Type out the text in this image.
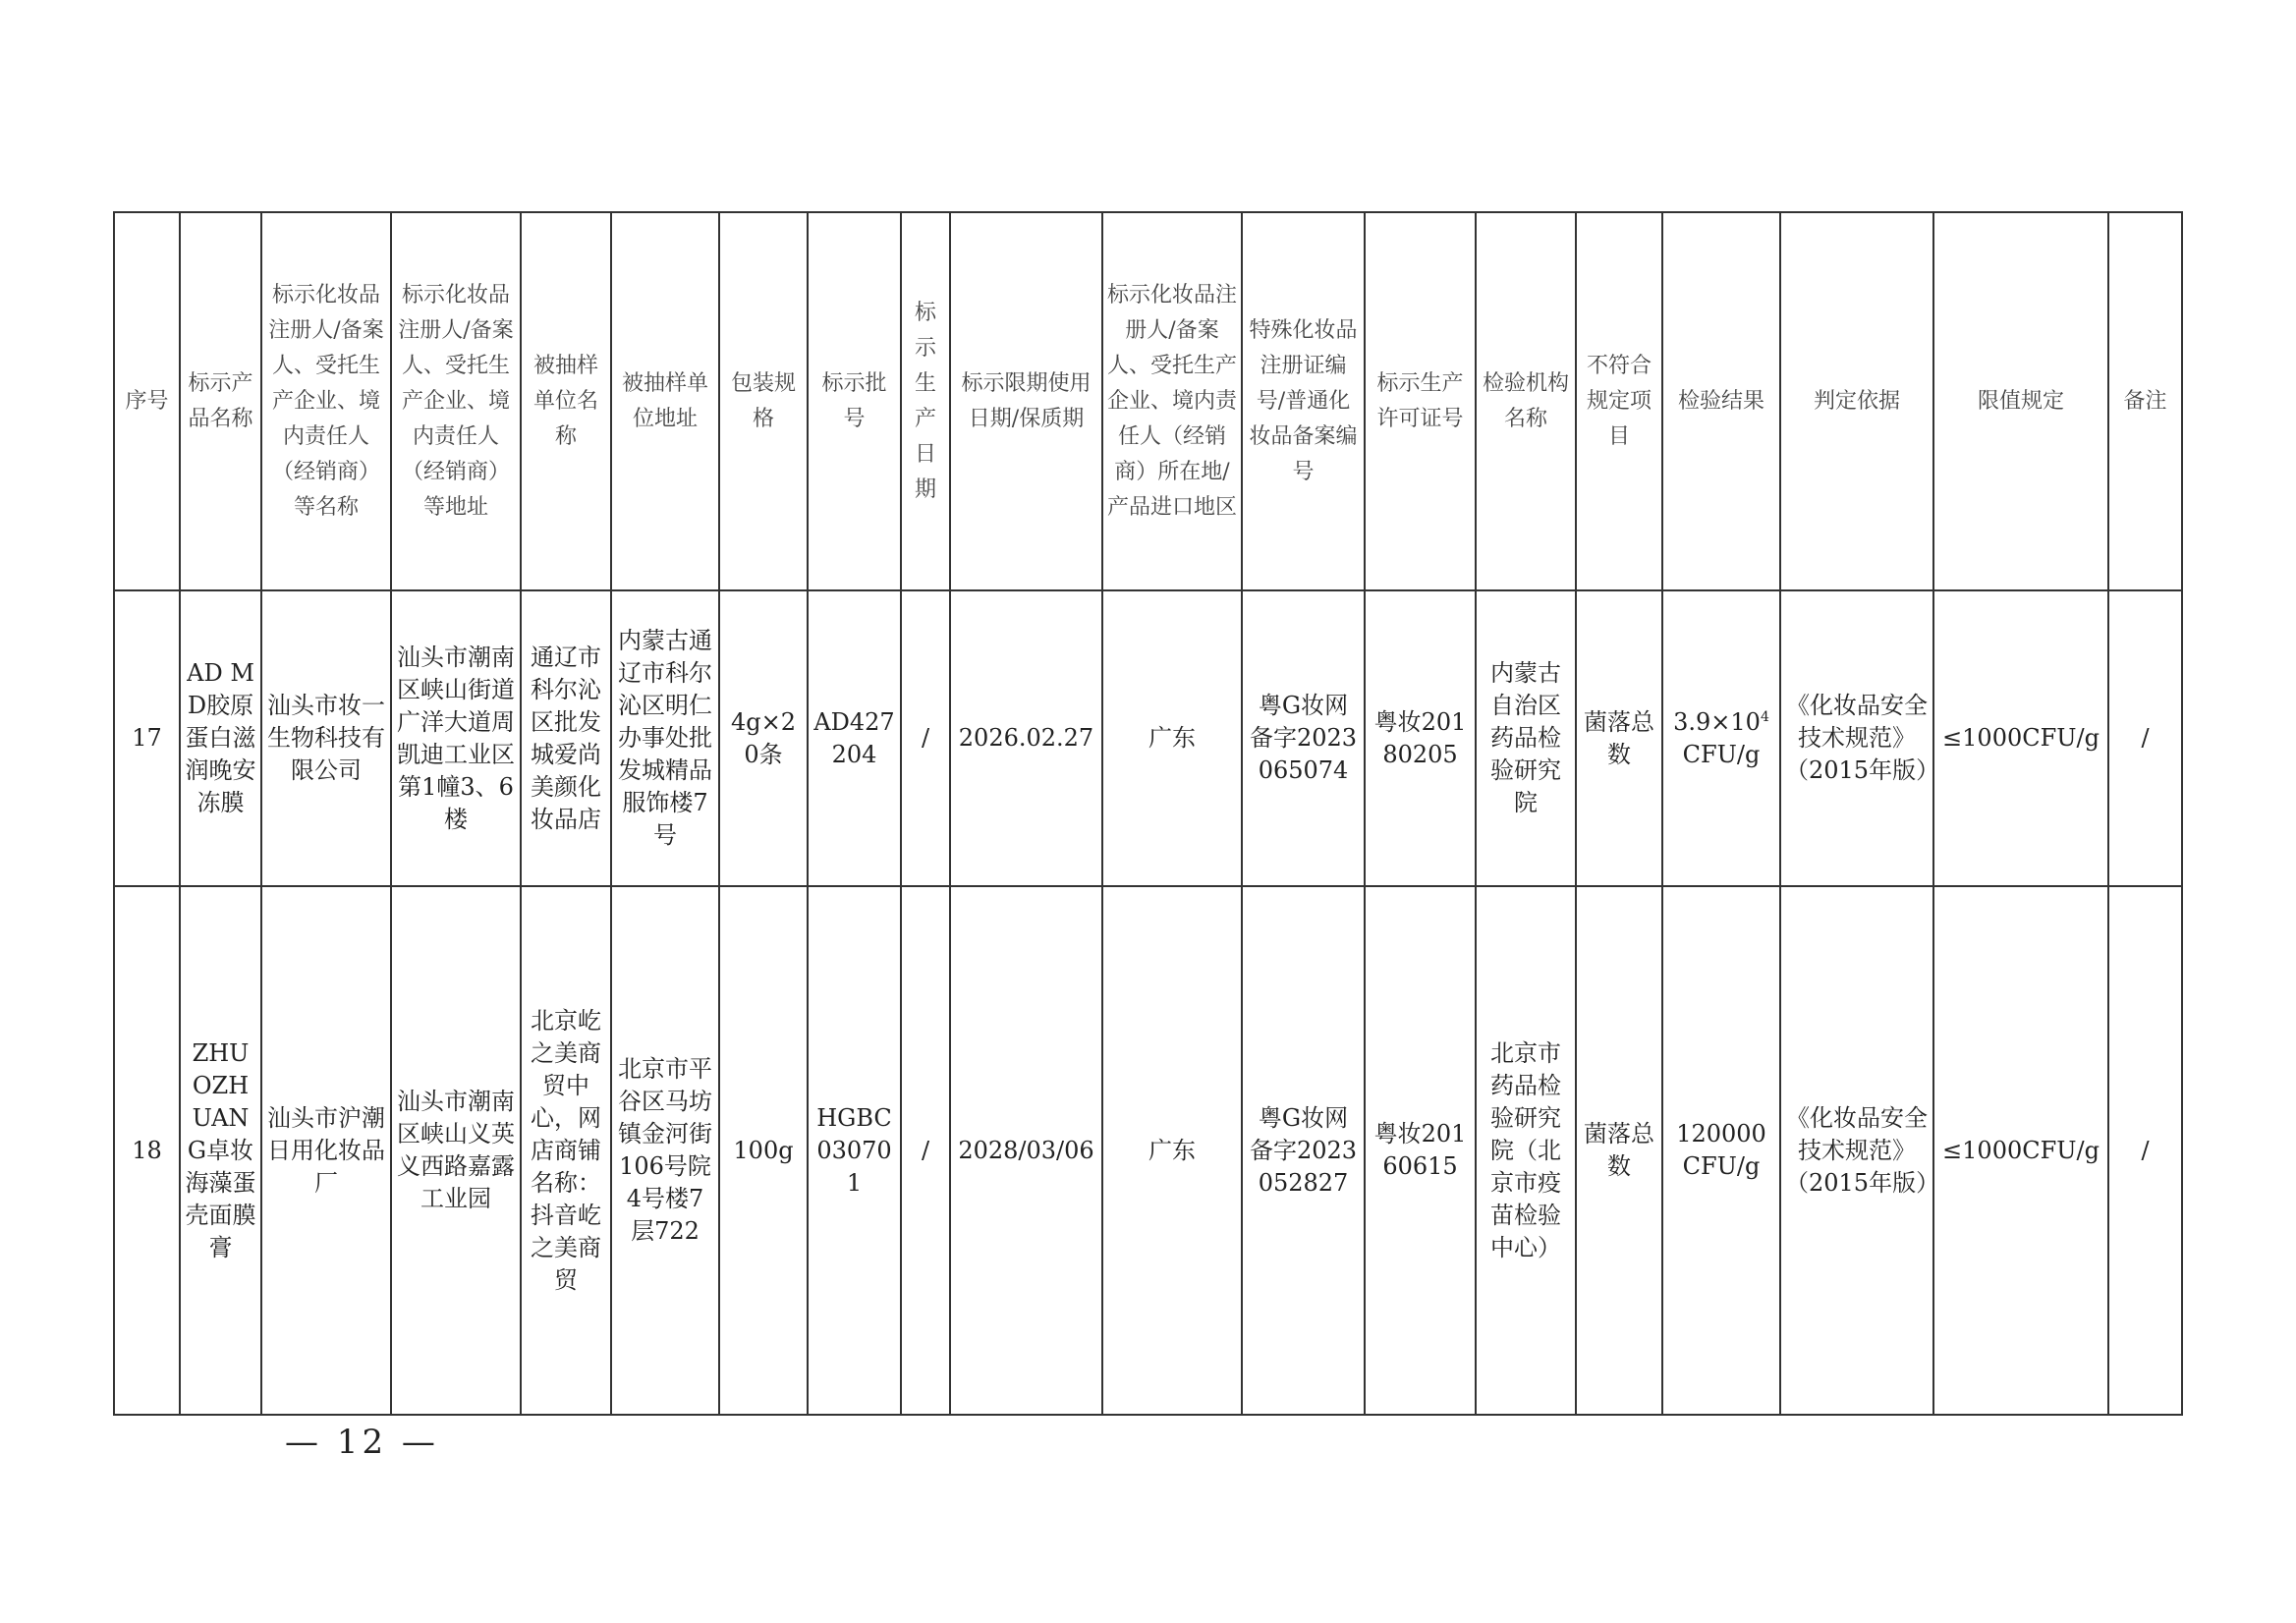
序号	标示产品名称	标示化妆品注册人/备案人、受托生产企业、境内责任人（经销商）等名称	标示化妆品注册人/备案人、受托生产企业、境内责任人（经销商）等地址	被抽样单位名称	被抽样单位地址	包装规格	标示批号	标示生产日期	标示限期使用日期/保质期	标示化妆品注册人/备案人、受托生产企业、境内责任人（经销商）所在地/产品进口地区	特殊化妆品注册证编号/普通化妆品备案编号	标示生产许可证号	检验机构名称	不符合规定项目	检验结果	判定依据	限值规定	备注
17	AD MD胶原蛋白滋润晚安冻膜	汕头市妆一生物科技有限公司	汕头市潮南区峡山街道广洋大道周凯迪工业区第1幢3、6楼	通辽市科尔沁区批发城爱尚美颜化妆品店	内蒙古通辽市科尔沁区明仁办事处批发城精品服饰楼7号	4g×20条	AD427204	/	2026.02.27	广东	粤G妆网备字2023065074	粤妆20180205	内蒙古自治区药品检验研究院	菌落总数	$3.9\times 10^4$ CFU/g	《化妆品安全技术规范》（2015年版）	≤1000CFU/g	/
18	ZHUOZHUANG卓妆海藻蛋壳面膜膏	汕头市沪潮日用化妆品厂	汕头市潮南区峡山义英义西路嘉露工业园	北京屹之美商贸中心，网店商铺名称：抖音屹之美商贸	北京市平谷区马坊镇金河街106号院4号楼7层722	100g	HGBC030701	/	2028/03/06	广东	粤G妆网备字2023052827	粤妆20160615	北京市药品检验研究院（北京市疫苗检验中心）	菌落总数	120000 CFU/g	《化妆品安全技术规范》（2015年版）	≤1000CFU/g	/
— 12 —
